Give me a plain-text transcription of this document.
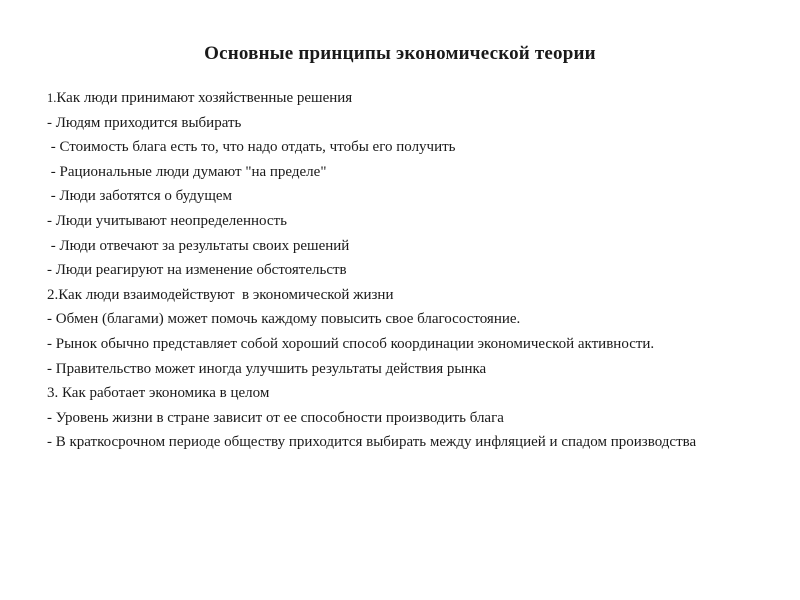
Основные принципы экономической теории
1.Как люди принимают хозяйственные решения
- Людям приходится выбирать
- Стоимость блага есть то, что надо отдать, чтобы его получить
- Рациональные люди думают "на пределе"
- Люди заботятся о будущем
- Люди учитывают неопределенность
- Люди отвечают за результаты своих решений
- Люди реагируют на изменение обстоятельств
2.Как люди взаимодействуют  в экономической жизни
- Обмен (благами) может помочь каждому повысить свое благосостояние.
- Рынок обычно представляет собой хороший способ координации экономической активности.
- Правительство может иногда улучшить результаты действия рынка
3. Как работает экономика в целом
- Уровень жизни в стране зависит от ее способности производить блага
- В краткосрочном периоде обществу приходится выбирать между инфляцией и спадом производства
